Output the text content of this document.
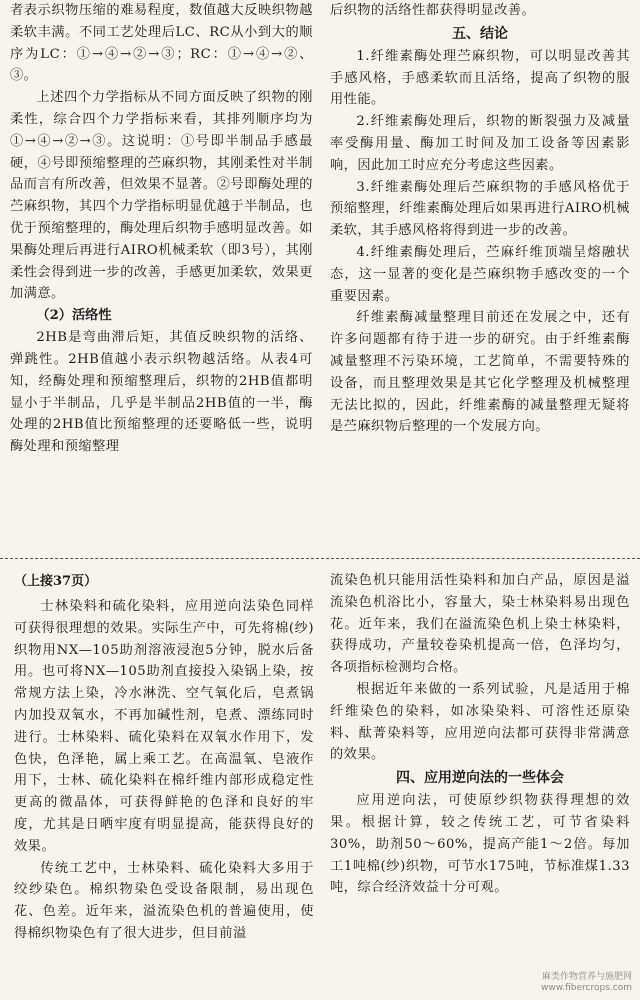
者表示织物压缩的难易程度，数值越大反映织物越柔软丰满。不同工艺处理后LC、RC从小到大的顺序为LC：①→④→②→③；RC：①→④→②、③。

上述四个力学指标从不同方面反映了织物的刚柔性，综合四个力学指标来看，其排列顺序均为①→④→②→③。这说明：①号即半制品手感最硬，④号即预缩整理的苎麻织物，其刚柔性对半制品而言有所改善，但效果不显著。②号即酶处理的苎麻织物，其四个力学指标明显优越于半制品，也优于预缩整理的，酶处理后织物手感明显改善。如果酶处理后再进行AIRO机械柔软（即3号），其刚柔性会得到进一步的改善，手感更加柔软，效果更加满意。

（2）活络性

2HB是弯曲滞后矩，其值反映织物的活络、弹跳性。2HB值越小表示织物越活络。从表4可知，经酶处理和预缩整理后，织物的2HB值都明显小于半制品，几乎是半制品2HB值的一半，酶处理的2HB值比预缩整理的还要略低一些，说明酶处理和预缩整理

后织物的活络性都获得明显改善。

五、结论

1.纤维素酶处理苎麻织物，可以明显改善其手感风格，手感柔软而且活络，提高了织物的服用性能。

2.纤维素酶处理后，织物的断裂强力及减量率受酶用量、酶加工时间及加工设备等因素影响，因此加工时应充分考虑这些因素。

3.纤维素酶处理后苎麻织物的手感风格优于预缩整理，纤维素酶处理后如果再进行AIRO机械柔软，其手感风格将得到进一步的改善。

4.纤维素酶处理后，苎麻纤维顶端呈熔融状态，这一显著的变化是苎麻织物手感改变的一个重要因素。

纤维素酶减量整理目前还在发展之中，还有许多问题都有待于进一步的研究。由于纤维素酶减量整理不污染环境，工艺简单，不需要特殊的设备，而且整理效果是其它化学整理及机械整理无法比拟的，因此，纤维素酶的减量整理无疑将是苎麻织物后整理的一个发展方向。

（上接37页）

士林染料和硫化染料，应用逆向法染色同样可获得很理想的效果。实际生产中，可先将棉(纱)织物用NX—105助剂溶液浸泡5分钟，脱水后备用。也可将NX—105助剂直接投入染锅上染，按常规方法上染，冷水淋洗、空气氧化后，皂煮锅内加投双氧水，不再加碱性剂，皂煮、漂练同时进行。士林染料、硫化染料在双氧水作用下，发色快，色泽艳，属上乘工艺。在高温氧、皂液作用下，士林、硫化染料在棉纤维内部形成稳定性更高的微晶体，可获得鲜艳的色泽和良好的牢度，尤其是日晒牢度有明显提高，能获得良好的效果。

传统工艺中，士林染料、硫化染料大多用于绞纱染色。棉织物染色受设备限制，易出现色花、色差。近年来，溢流染色机的普遍使用，使得棉织物染色有了很大进步，但目前溢

流染色机只能用活性染料和加白产品，原因是溢流染色机浴比小，容量大，染士林染料易出现色花。近年来，我们在溢流染色机上染士林染料，获得成功，产量较卷染机提高一倍，色泽均匀，各项指标检测均合格。

根据近年来做的一系列试验，凡是适用于棉纤维染色的染料，如冰染染料、可溶性还原染料、酞菁染料等，应用逆向法都可获得非常满意的效果。

四、应用逆向法的一些体会

应用逆向法，可使原纱织物获得理想的效果。根据计算，较之传统工艺，可节省染料30%，助剂50～60%，提高产能1～2倍。每加工1吨棉(纱)织物，可节水175吨，节标准煤1.33吨，综合经济效益十分可观。

麻类作物营养与施肥网
www.fibercrops.com
